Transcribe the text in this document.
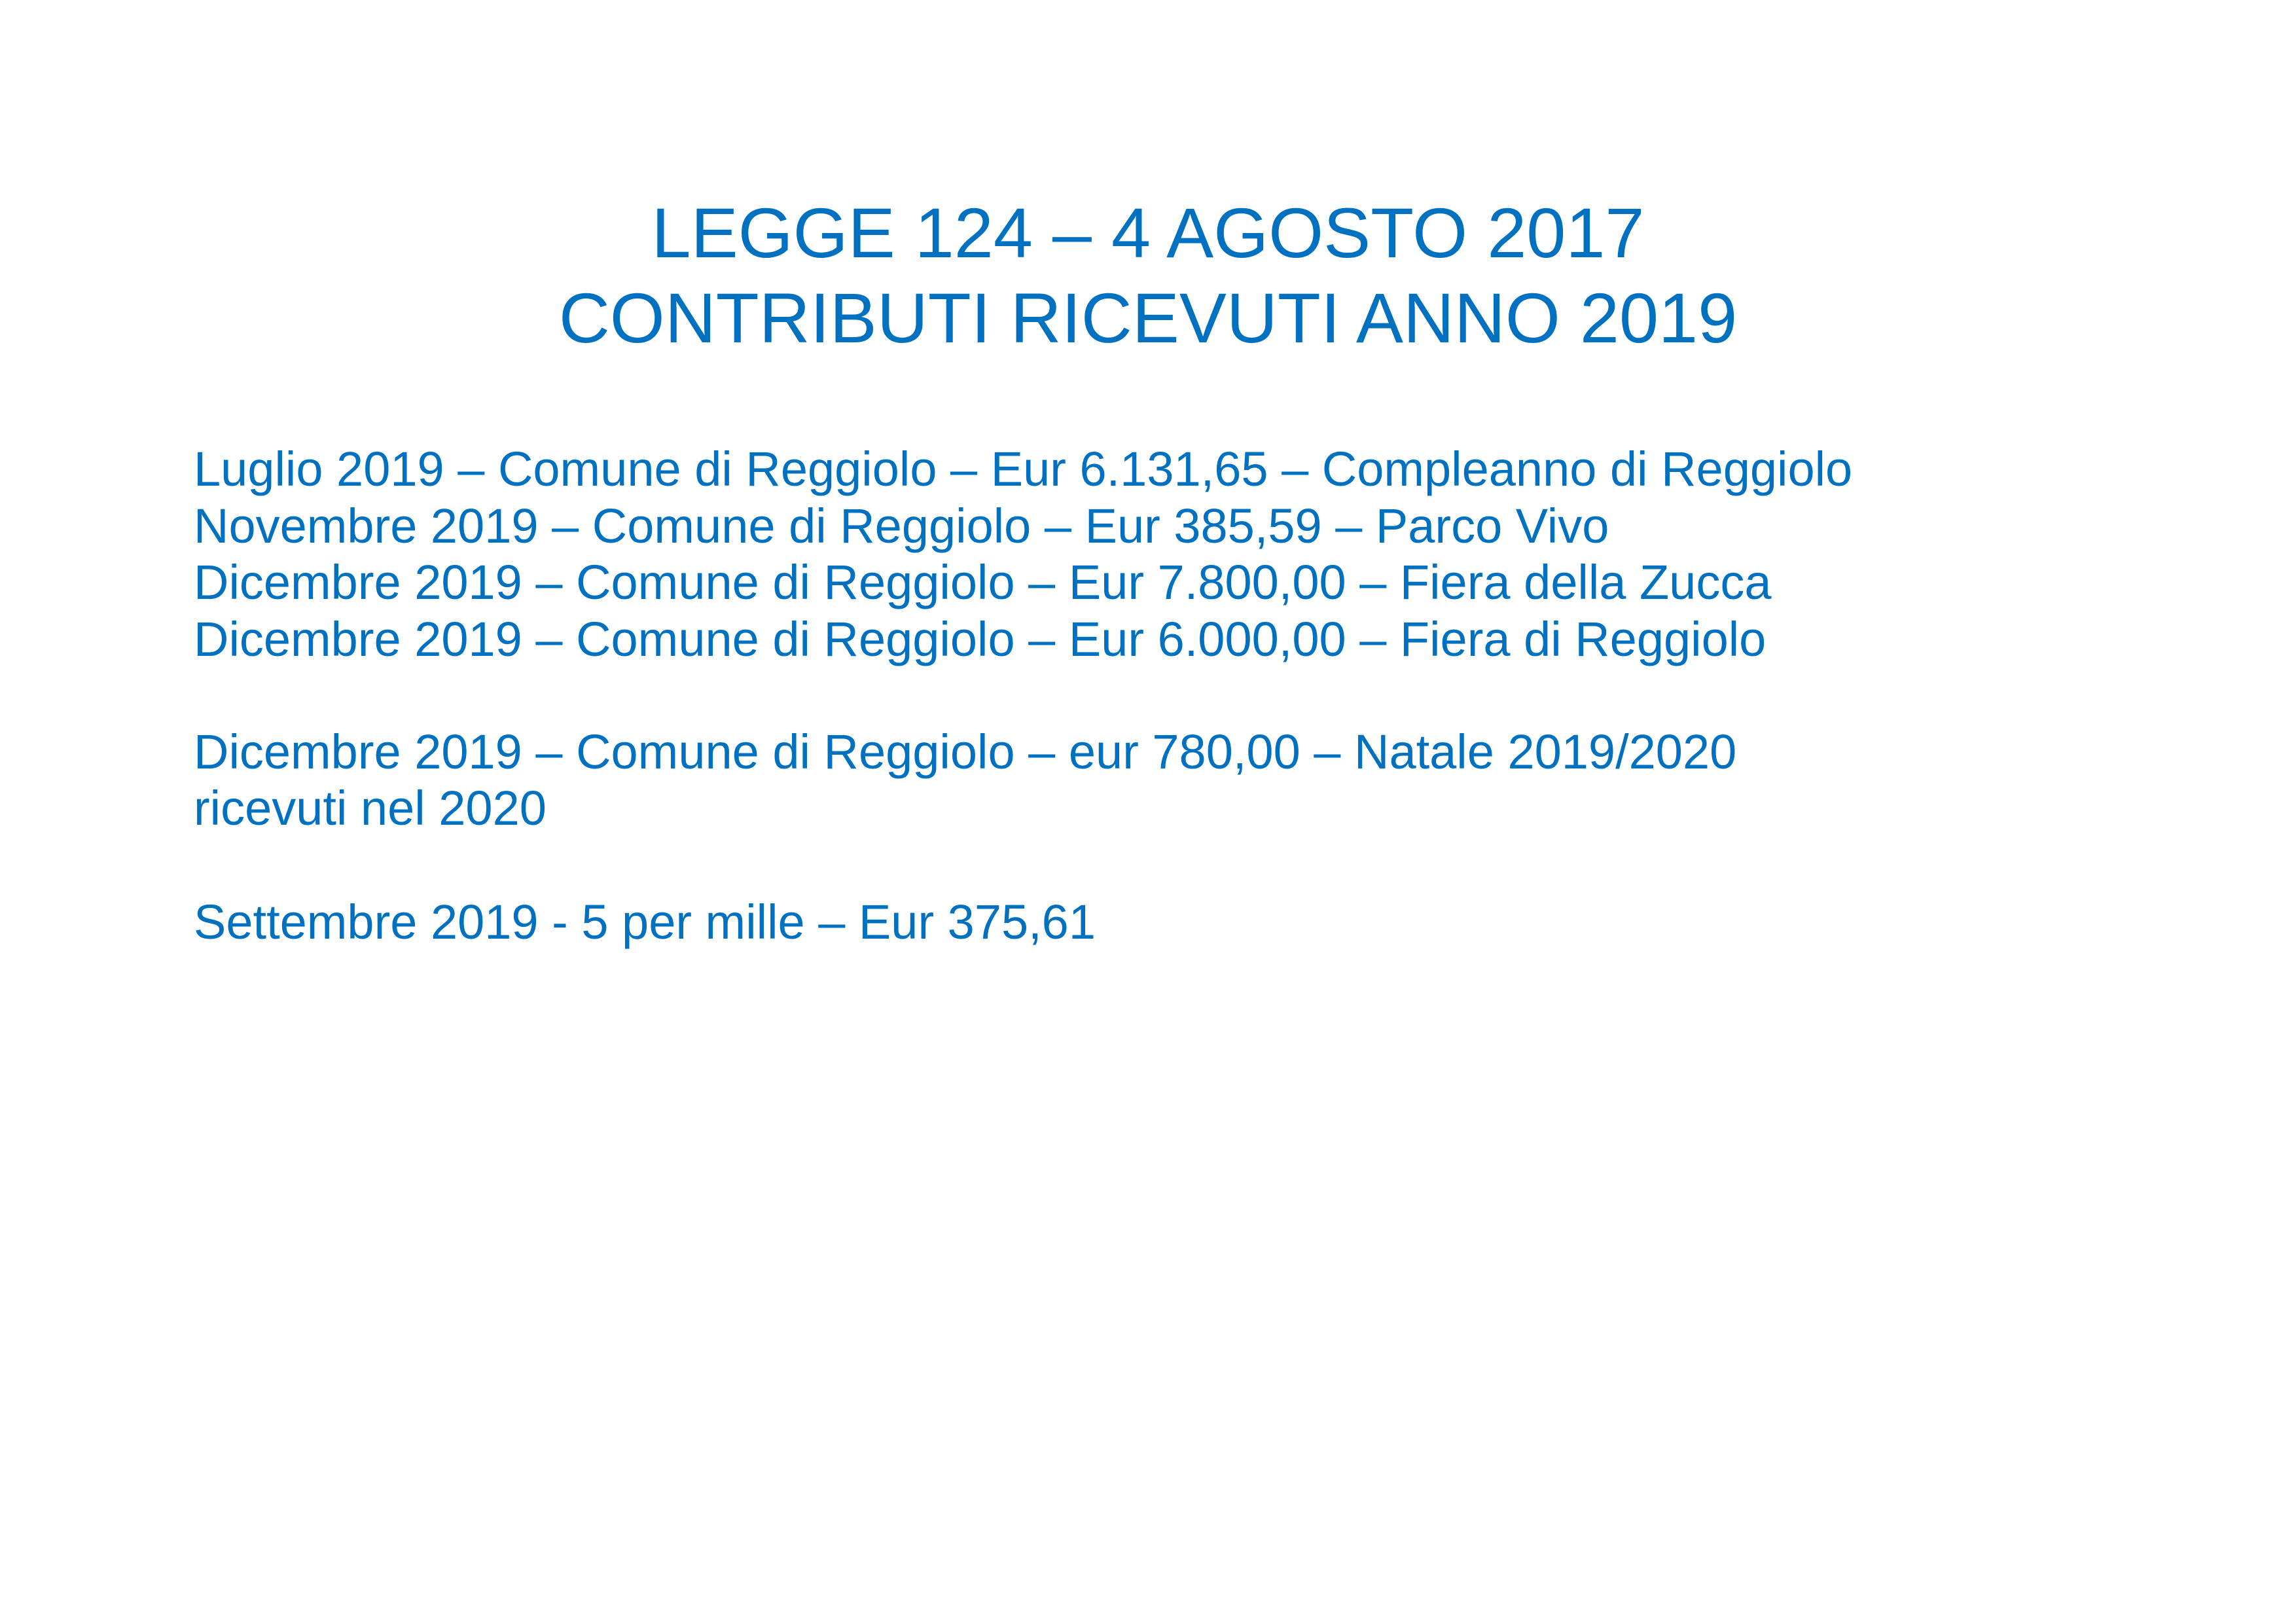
LEGGE 124 – 4 AGOSTO 2017
CONTRIBUTI RICEVUTI ANNO 2019
Luglio 2019 – Comune di Reggiolo – Eur 6.131,65 – Compleanno di Reggiolo
Novembre 2019 – Comune di Reggiolo – Eur 385,59 – Parco Vivo
Dicembre 2019 – Comune di Reggiolo – Eur 7.800,00 – Fiera della Zucca
Dicembre 2019 – Comune di Reggiolo – Eur 6.000,00 – Fiera di Reggiolo
Dicembre 2019 – Comune di Reggiolo – eur 780,00 – Natale 2019/2020
ricevuti nel 2020
Settembre 2019 - 5 per mille – Eur 375,61
